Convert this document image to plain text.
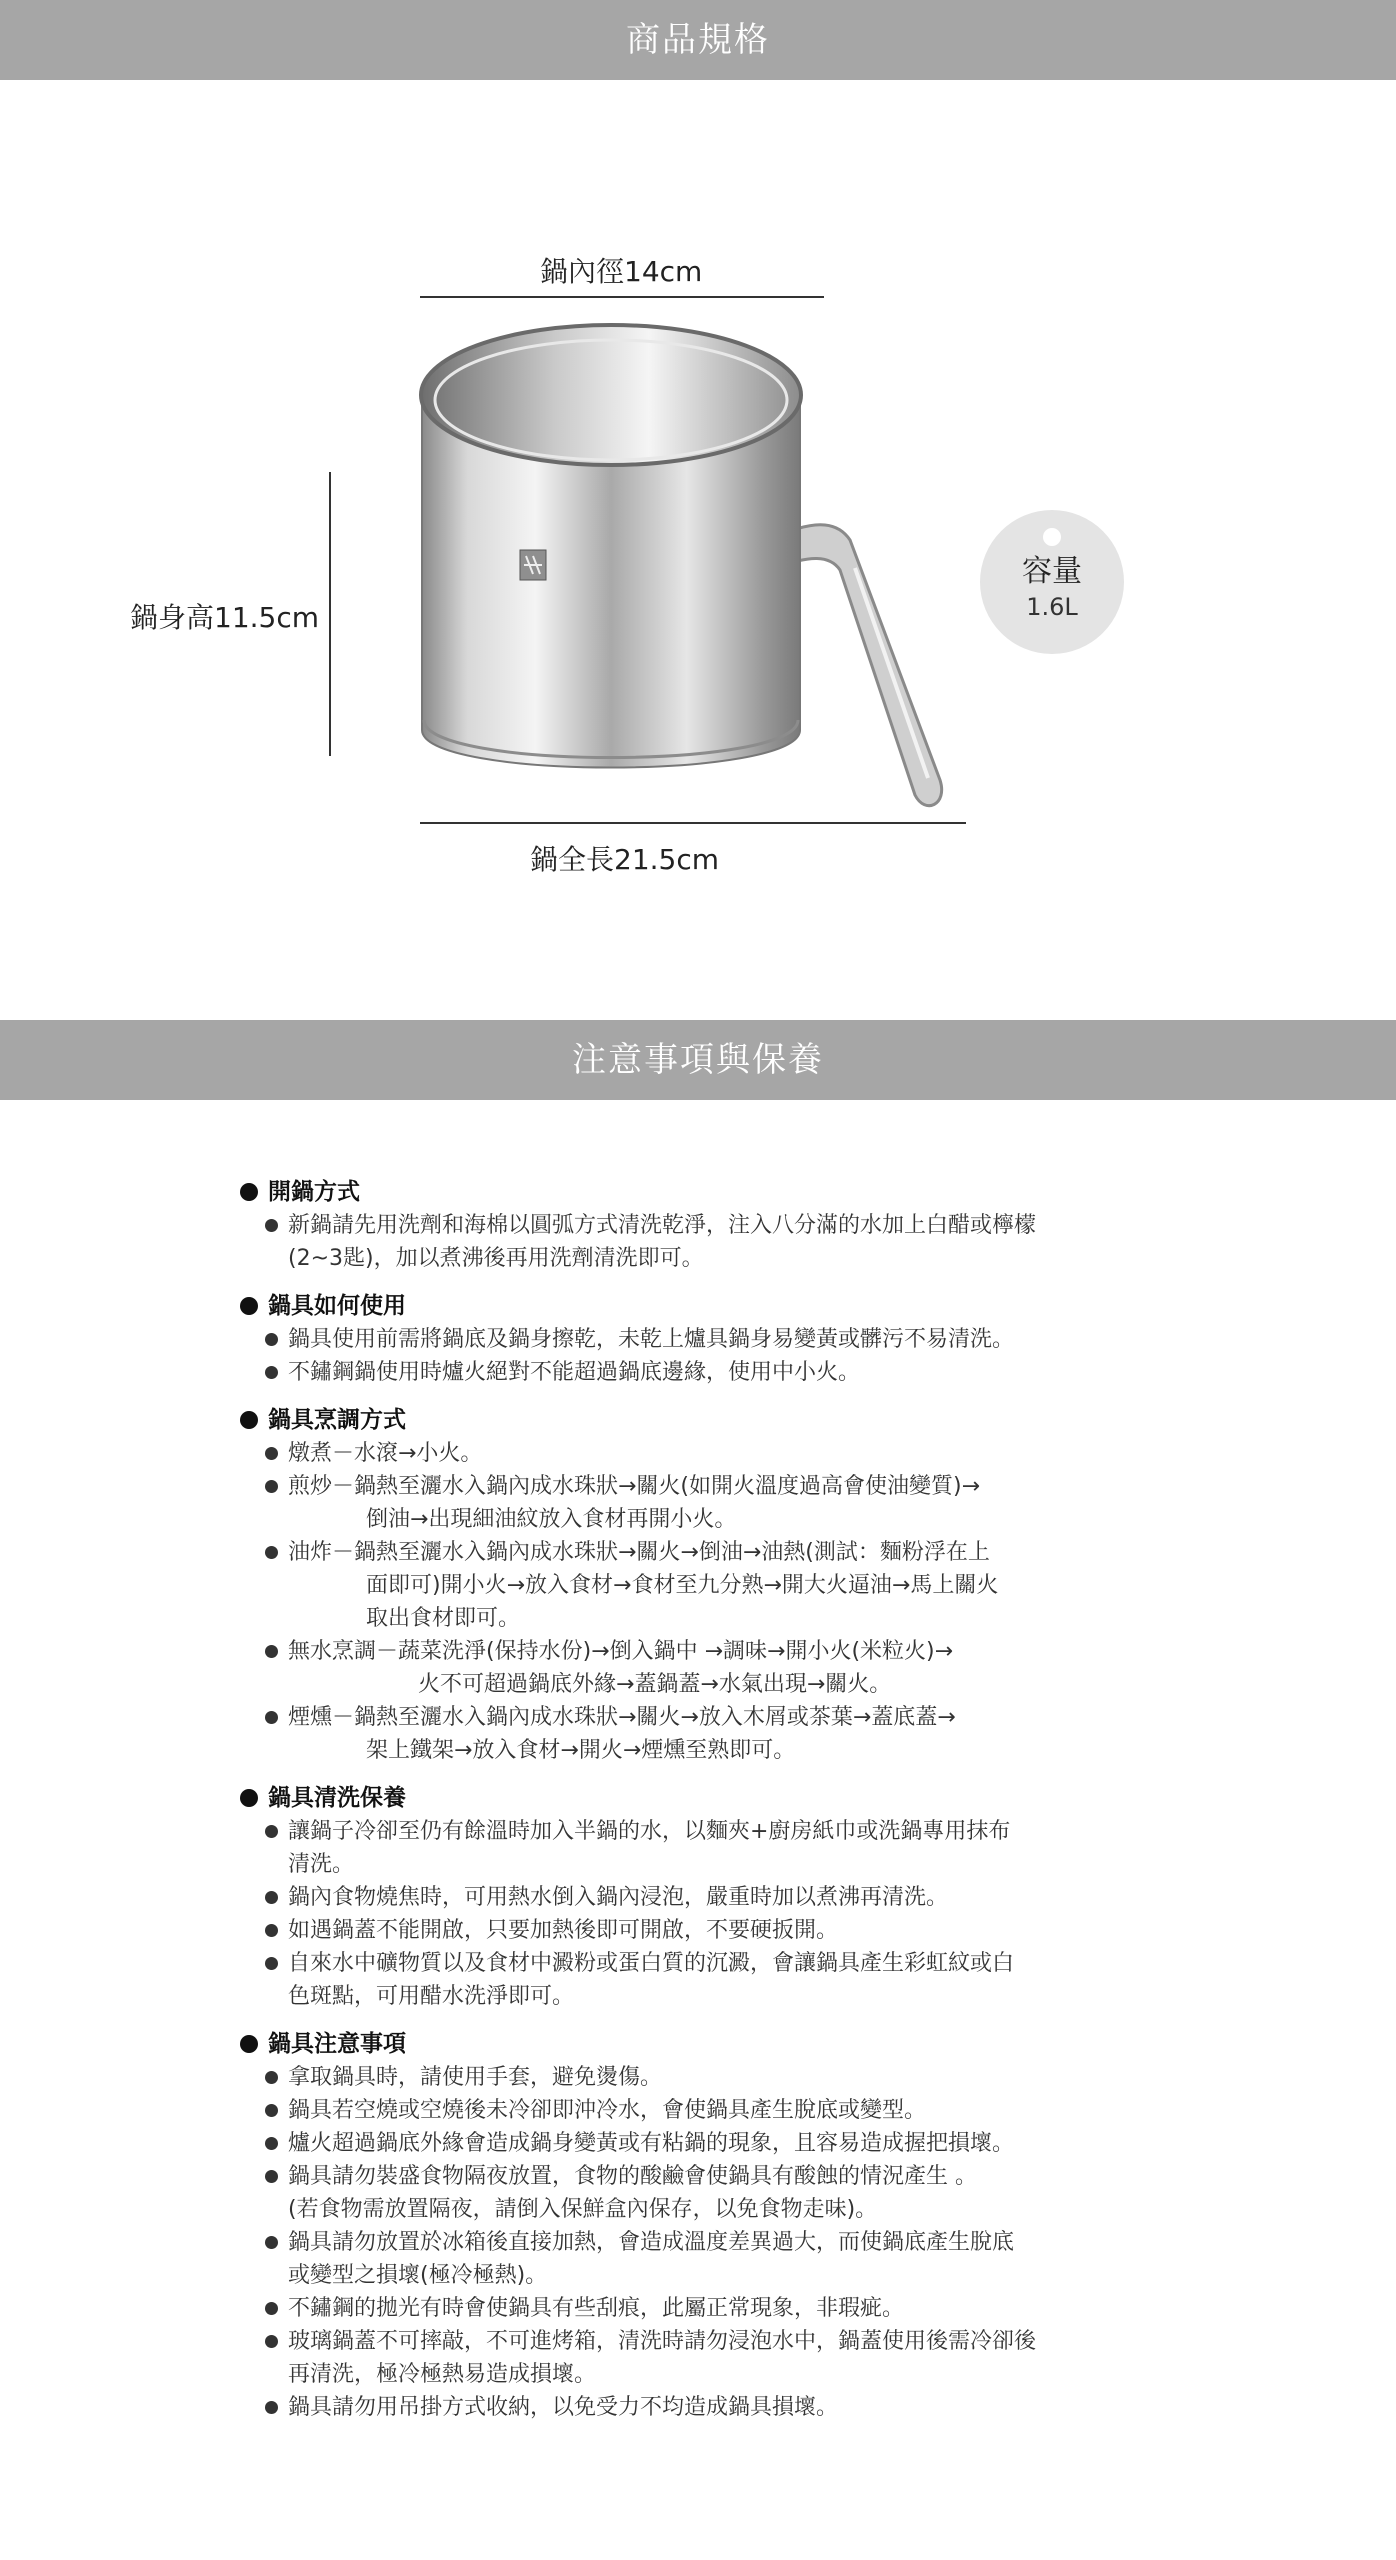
商品規格
鍋內徑14cm
鍋身高11.5cm
鍋全長21.5cm
容量
1.6L
注意事項與保養
開鍋方式
新鍋請先用洗劑和海棉以圓弧方式清洗乾淨，注入八分滿的水加上白醋或檸檬
(2~3匙)，加以煮沸後再用洗劑清洗即可。
鍋具如何使用
鍋具使用前需將鍋底及鍋身擦乾，未乾上爐具鍋身易變黃或髒污不易清洗。
不鏽鋼鍋使用時爐火絕對不能超過鍋底邊緣，使用中小火。
鍋具烹調方式
燉煮－水滾→小火。
煎炒－鍋熱至灑水入鍋內成水珠狀→關火(如開火溫度過高會使油變質)→
倒油→出現細油紋放入食材再開小火。
油炸－鍋熱至灑水入鍋內成水珠狀→關火→倒油→油熱(測試：麵粉浮在上
面即可)開小火→放入食材→食材至九分熟→開大火逼油→馬上關火
取出食材即可。
無水烹調－蔬菜洗淨(保持水份)→倒入鍋中 →調味→開小火(米粒火)→
火不可超過鍋底外緣→蓋鍋蓋→水氣出現→關火。
煙燻－鍋熱至灑水入鍋內成水珠狀→關火→放入木屑或茶葉→蓋底蓋→
架上鐵架→放入食材→開火→煙燻至熟即可。
鍋具清洗保養
讓鍋子冷卻至仍有餘溫時加入半鍋的水，以麵夾+廚房紙巾或洗鍋專用抹布
清洗。
鍋內食物燒焦時，可用熱水倒入鍋內浸泡，嚴重時加以煮沸再清洗。
如遇鍋蓋不能開啟，只要加熱後即可開啟，不要硬扳開。
自來水中礦物質以及食材中澱粉或蛋白質的沉澱，會讓鍋具產生彩虹紋或白
色斑點，可用醋水洗淨即可。
鍋具注意事項
拿取鍋具時，請使用手套，避免燙傷。
鍋具若空燒或空燒後未冷卻即沖冷水，會使鍋具產生脫底或變型。
爐火超過鍋底外緣會造成鍋身變黃或有粘鍋的現象，且容易造成握把損壞。
鍋具請勿裝盛食物隔夜放置，食物的酸鹼會使鍋具有酸蝕的情況產生 。
(若食物需放置隔夜，請倒入保鮮盒內保存，以免食物走味)。
鍋具請勿放置於冰箱後直接加熱，會造成溫度差異過大，而使鍋底產生脫底
或變型之損壞(極冷極熱)。
不鏽鋼的拋光有時會使鍋具有些刮痕，此屬正常現象，非瑕疵。
玻璃鍋蓋不可摔敲，不可進烤箱，清洗時請勿浸泡水中，鍋蓋使用後需冷卻後
再清洗，極冷極熱易造成損壞。
鍋具請勿用吊掛方式收納，以免受力不均造成鍋具損壞。
